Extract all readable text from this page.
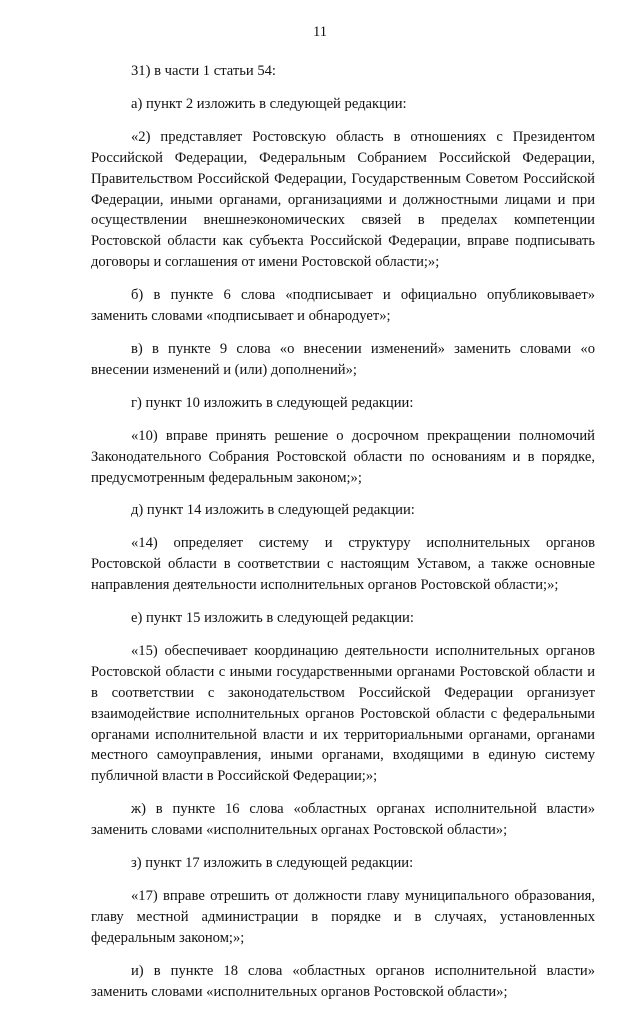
11

31) в части 1 статьи 54:

а) пункт 2 изложить в следующей редакции:

«2) представляет Ростовскую область в отношениях с Президентом Российской Федерации, Федеральным Собранием Российской Федерации, Правительством Российской Федерации, Государственным Советом Российской Федерации, иными органами, организациями и должностными лицами и при осуществлении внешнеэкономических связей в пределах компетенции Ростовской области как субъекта Российской Федерации, вправе подписывать договоры и соглашения от имени Ростовской области;»;

б) в пункте 6 слова «подписывает и официально опубликовывает» заменить словами «подписывает и обнародует»;

в) в пункте 9 слова «о внесении изменений» заменить словами «о внесении изменений и (или) дополнений»;

г) пункт 10 изложить в следующей редакции:

«10) вправе принять решение о досрочном прекращении полномочий Законодательного Собрания Ростовской области по основаниям и в порядке, предусмотренным федеральным законом;»;

д) пункт 14 изложить в следующей редакции:

«14) определяет систему и структуру исполнительных органов Ростовской области в соответствии с настоящим Уставом, а также основные направления деятельности исполнительных органов Ростовской области;»;

е) пункт 15 изложить в следующей редакции:

«15) обеспечивает координацию деятельности исполнительных органов Ростовской области с иными государственными органами Ростовской области и в соответствии с законодательством Российской Федерации организует взаимодействие исполнительных органов Ростовской области с федеральными органами исполнительной власти и их территориальными органами, органами местного самоуправления, иными органами, входящими в единую систему публичной власти в Российской Федерации;»;

ж) в пункте 16 слова «областных органах исполнительной власти» заменить словами «исполнительных органах Ростовской области»;

з) пункт 17 изложить в следующей редакции:

«17) вправе отрешить от должности главу муниципального образования, главу местной администрации в порядке и в случаях, установленных федеральным законом;»;

и) в пункте 18 слова «областных органов исполнительной власти» заменить словами «исполнительных органов Ростовской области»;
